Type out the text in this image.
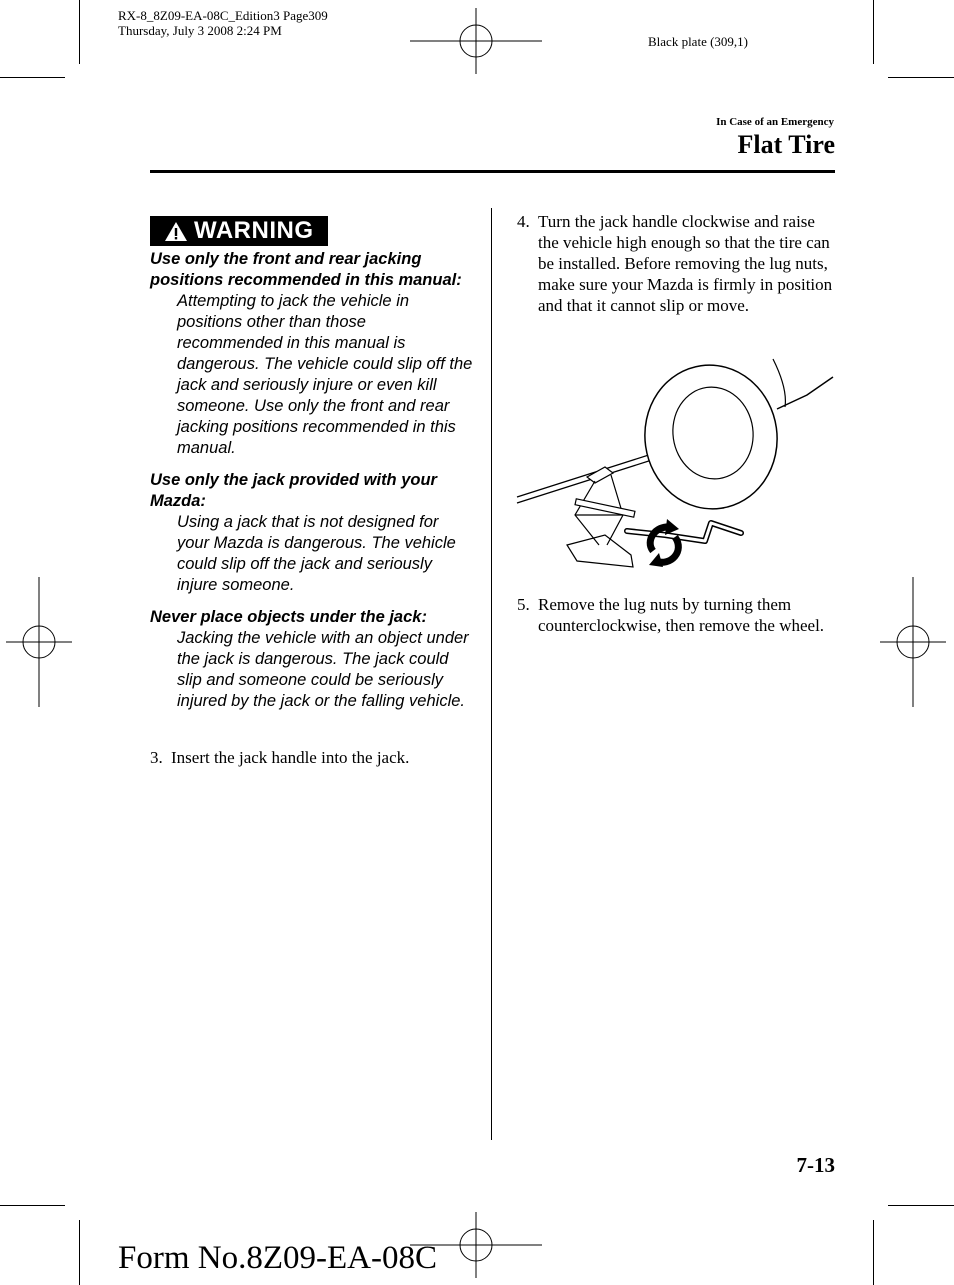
RX-8_8Z09-EA-08C_Edition3 Page309
Thursday, July 3 2008 2:24 PM
Black plate (309,1)
In Case of an Emergency
Flat Tire
WARNING
Use only the front and rear jacking positions recommended in this manual:
Attempting to jack the vehicle in positions other than those recommended in this manual is dangerous. The vehicle could slip off the jack and seriously injure or even kill someone. Use only the front and rear jacking positions recommended in this manual.
Use only the jack provided with your Mazda:
Using a jack that is not designed for your Mazda is dangerous. The vehicle could slip off the jack and seriously injure someone.
Never place objects under the jack:
Jacking the vehicle with an object under the jack is dangerous. The jack could slip and someone could be seriously injured by the jack or the falling vehicle.
3. Insert the jack handle into the jack.
4. Turn the jack handle clockwise and raise the vehicle high enough so that the tire can be installed. Before removing the lug nuts, make sure your Mazda is firmly in position and that it cannot slip or move.
5. Remove the lug nuts by turning them counterclockwise, then remove the wheel.
7-13
Form No.8Z09-EA-08C
